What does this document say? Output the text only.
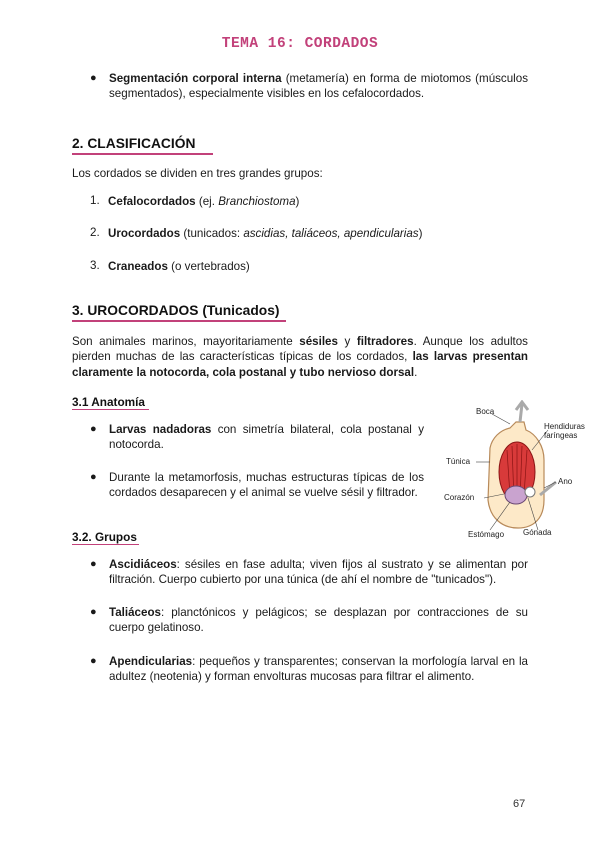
TEMA 16: CORDADOS
●	Segmentación corporal interna (metamería) en forma de miotomos (músculos segmentados), especialmente visibles en los cefalocordados.

2. CLASIFICACIÓN

Los cordados se dividen en tres grandes grupos:

1. Cefalocordados (ej. Branchiostoma)

2. Urocordados (tunicados: ascidias, taliáceos, apendicularias)

3. Craneados (o vertebrados)

3. UROCORDADOS (Tunicados)

Son animales marinos, mayoritariamente sésiles y filtradores. Aunque los adultos pierden muchas de las características típicas de los cordados, las larvas presentan claramente la notocorda, cola postanal y tubo nervioso dorsal.

3.1 Anatomía
●	Larvas nadadoras con simetría bilateral, cola postanal y notocorda.

●	Durante la metamorfosis, muchas estructuras típicas de los cordados desaparecen y el animal se vuelve sésil y filtrador.

Boca
Hendiduras faríngeas
Túnica
Ano
Corazón
Estómago Gónada
3.2. Grupos
●	Ascidiáceos: sésiles en fase adulta; viven fijos al sustrato y se alimentan por filtración. Cuerpo cubierto por una túnica (de ahí el nombre de "tunicados").

●	Taliáceos: planctónicos y pelágicos; se desplazan por contracciones de su cuerpo gelatinoso.

●	Apendicularias: pequeños y transparentes; conservan la morfología larval en la adultez (neotenia) y forman envolturas mucosas para filtrar el alimento.

67
